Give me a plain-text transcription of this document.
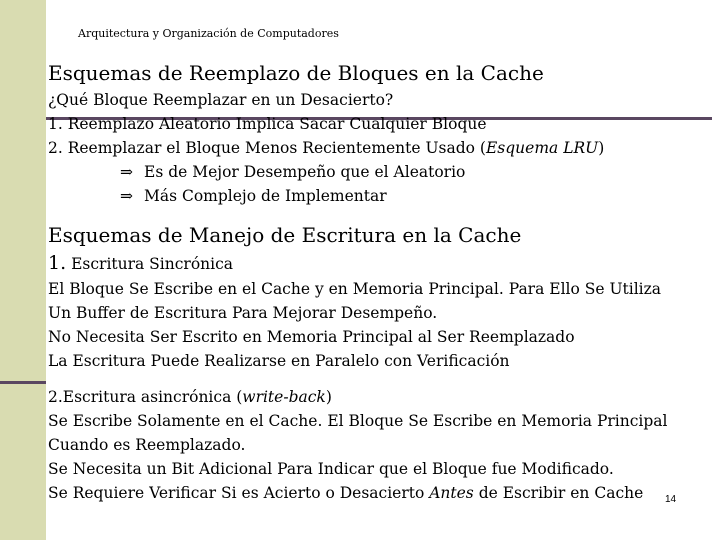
Arquitectura y Organización de Computadores
Esquemas de Reemplazo de Bloques en la Cache
¿Qué Bloque Reemplazar en un Desacierto?
1. Reemplazo Aleatorio Implica Sacar Cualquier Bloque
2. Reemplazar el Bloque Menos Recientemente Usado (Esquema LRU)
⇒ Es de Mejor Desempeño que el Aleatorio
⇒ Más Complejo de Implementar
Esquemas de Manejo de Escritura en la Cache
1. Escritura Sincrónica
El Bloque Se Escribe en el Cache y en Memoria Principal. Para Ello Se Utiliza
Un Buffer de Escritura Para Mejorar Desempeño.
No Necesita Ser Escrito en Memoria Principal al Ser Reemplazado
La Escritura Puede Realizarse en Paralelo con Verificación
2.Escritura asincrónica (write-back)
Se Escribe Solamente en el Cache. El Bloque Se Escribe en Memoria Principal
Cuando es Reemplazado.
Se Necesita un Bit Adicional Para Indicar que el Bloque fue Modificado.
Se Requiere Verificar Si es Acierto o Desacierto Antes de Escribir en Cache 14
